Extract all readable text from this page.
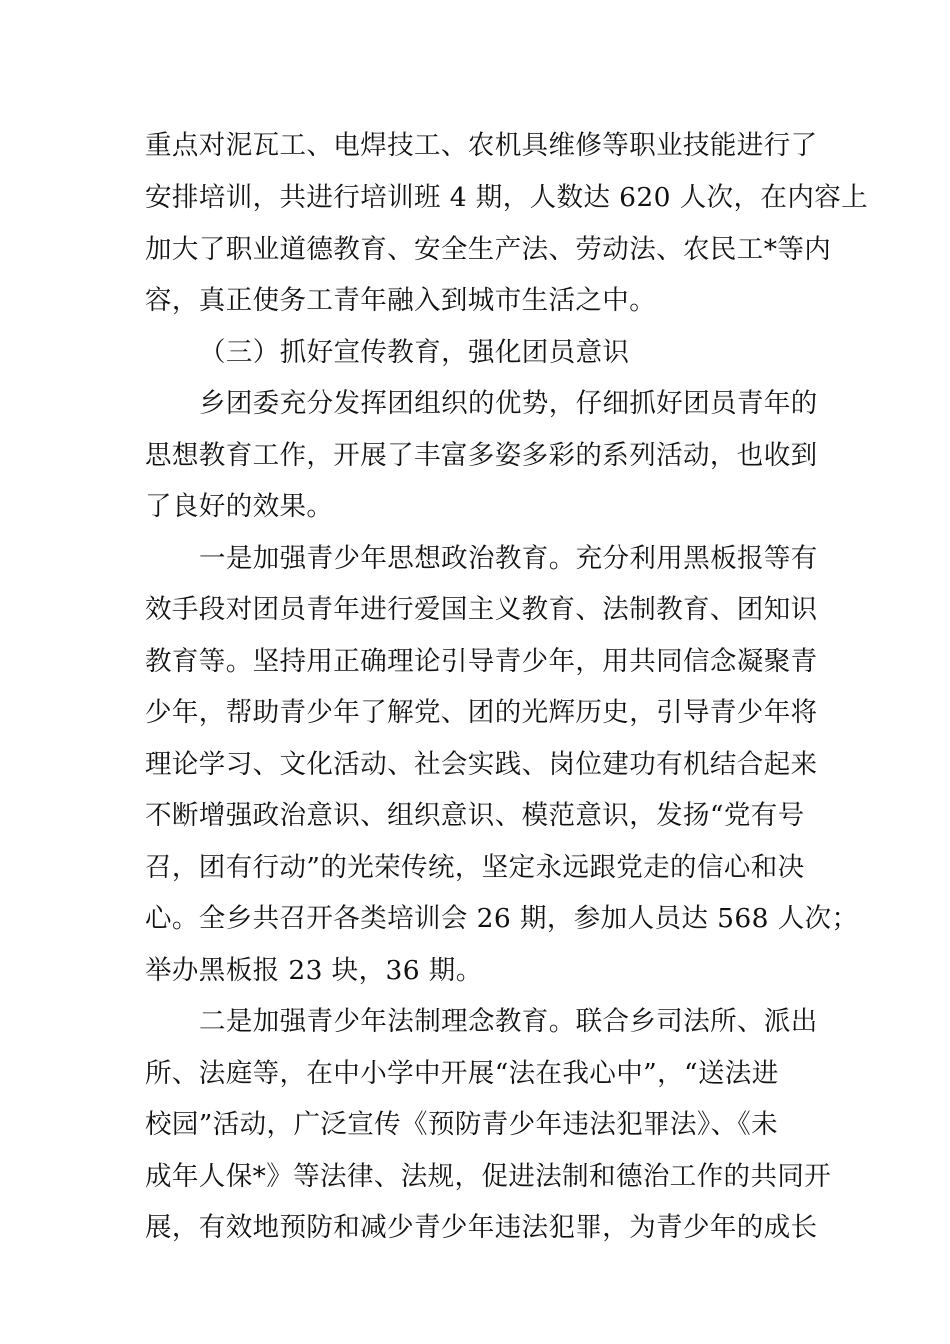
重点对泥瓦工、电焊技工、农机具维修等职业技能进行了
安排培训，共进行培训班 4 期，人数达 620 人次，在内容上
加大了职业道德教育、安全生产法、劳动法、农民工*等内
容，真正使务工青年融入到城市生活之中。
（三）抓好宣传教育，强化团员意识
乡团委充分发挥团组织的优势，仔细抓好团员青年的
思想教育工作，开展了丰富多姿多彩的系列活动，也收到
了良好的效果。
一是加强青少年思想政治教育。充分利用黑板报等有
效手段对团员青年进行爱国主义教育、法制教育、团知识
教育等。坚持用正确理论引导青少年，用共同信念凝聚青
少年，帮助青少年了解党、团的光辉历史，引导青少年将
理论学习、文化活动、社会实践、岗位建功有机结合起来
不断增强政治意识、组织意识、模范意识，发扬“党有号
召，团有行动”的光荣传统，坚定永远跟党走的信心和决
心。全乡共召开各类培训会 26 期，参加人员达 568 人次；
举办黑板报 23 块，36 期。
二是加强青少年法制理念教育。联合乡司法所、派出
所、法庭等，在中小学中开展“法在我心中”，“送法进
校园”活动，广泛宣传《预防青少年违法犯罪法》、《未
成年人保*》等法律、法规，促进法制和德治工作的共同开
展，有效地预防和减少青少年违法犯罪，为青少年的成长
